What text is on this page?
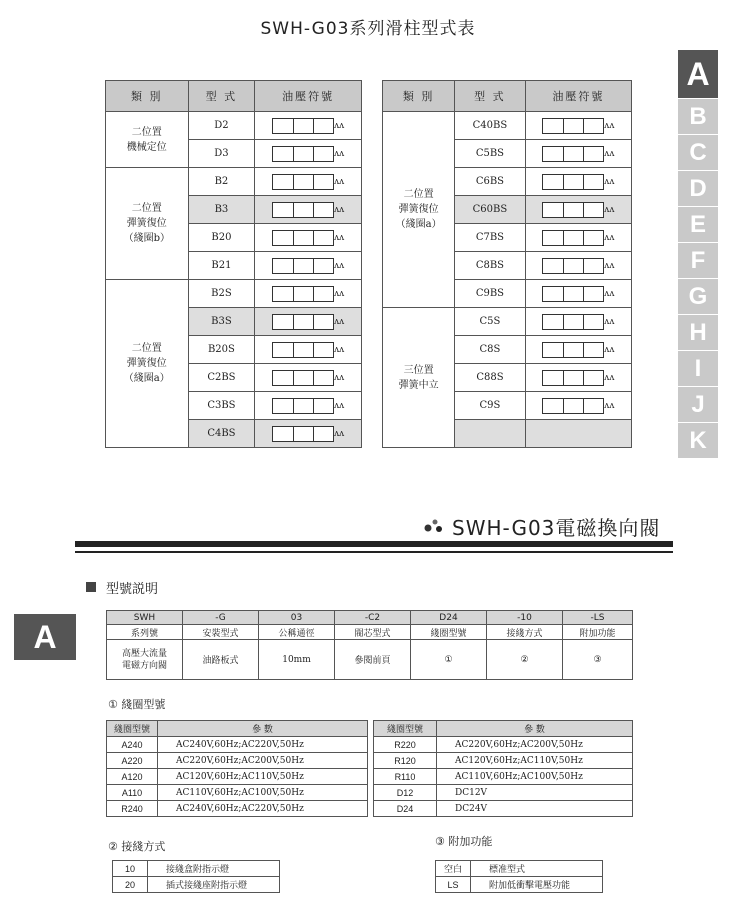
SWH-G03系列滑柱型式表
A
B
C
D
E
F
G
H
I
J
K
類 別	型 式	油壓符號
二位置
機械定位	D2	ʌʌ
	D3	ʌʌ
二位置
彈簧復位
（綫圈b）	B2	ʌʌ
	B3	ʌʌ
	B20	ʌʌ
	B21	ʌʌ
二位置
彈簧復位
（綫圈a）	B2S	ʌʌ
	B3S	ʌʌ
	B20S	ʌʌ
	C2BS	ʌʌ
	C3BS	ʌʌ
	C4BS	ʌʌ
類 別	型 式	油壓符號
二位置
彈簧復位
（綫圈a）	C40BS	ʌʌ
	C5BS	ʌʌ
	C6BS	ʌʌ
	C60BS	ʌʌ
	C7BS	ʌʌ
	C8BS	ʌʌ
	C9BS	ʌʌ
三位置
彈簧中立	C5S	ʌʌ
	C8S	ʌʌ
	C88S	ʌʌ
	C9S	ʌʌ

SWH-G03電磁換向閥
型號説明
A
SWH	-G	03	-C2	D24	-10	-LS
系列號	安裝型式	公稱通徑	閥芯型式	綫圈型號	接綫方式	附加功能
高壓大流量
電磁方向閥	油路板式	10mm	參閱前頁	①	②	③
① 綫圈型號
綫圈型號	參 數
A240	AC240V,60Hz;AC220V,50Hz
A220	AC220V,60Hz;AC200V,50Hz
A120	AC120V,60Hz;AC110V,50Hz
A110	AC110V,60Hz;AC100V,50Hz
R240	AC240V,60Hz;AC220V,50Hz
綫圈型號	參 數
R220	AC220V,60Hz;AC200V,50Hz
R120	AC120V,60Hz;AC110V,50Hz
R110	AC110V,60Hz;AC100V,50Hz
D12	DC12V
D24	DC24V
② 接綫方式
10	接綫盒附指示燈
20	插式接綫座附指示燈
③ 附加功能
空白	標准型式
LS	附加低衝擊電壓功能
